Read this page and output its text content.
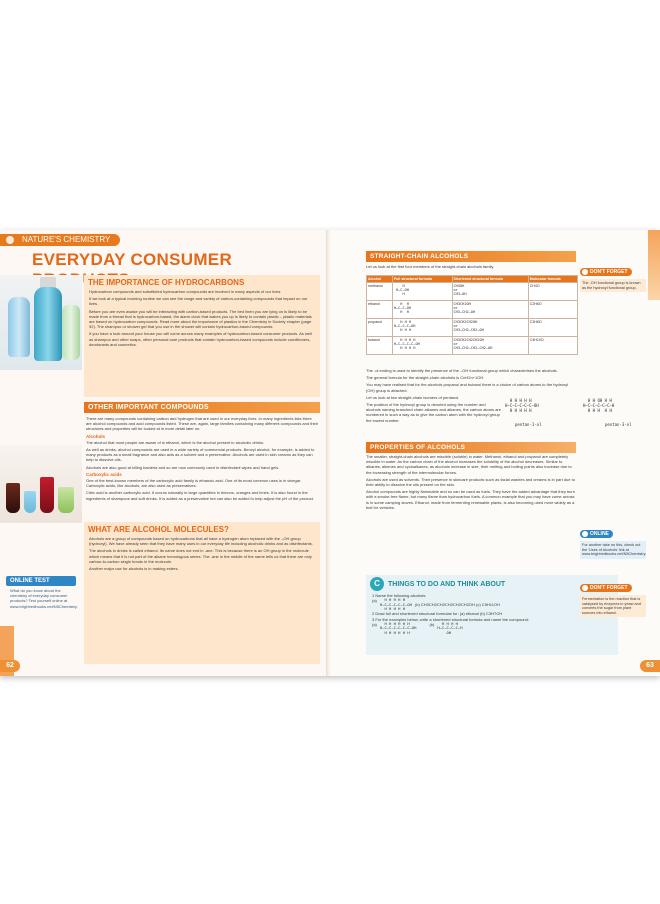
NATURE'S CHEMISTRY
EVERYDAY CONSUMER
THE IMPORTANCE OF HYDROCARBONS

Hydrocarbon compounds and substituted hydrocarbon compounds are involved in many aspects of our lives.

If we look at a typical morning routine we can see the range and variety of carbon-containing compounds that impact on our lives.

Before you are even awake you will be interacting with carbon-based products. The bed linen you are lying on is likely to be made from a thread that is hydrocarbon-based, the alarm clock that wakes you up is likely to contain plastic – plastic materials are based on hydrocarbon compounds. Read more about the importance of plastics in the Chemistry in Society chapter (page 92). The shampoo or shower gel that you use in the shower will contain hydrocarbon-based compounds.

If you have a look around your house you will come across many examples of hydrocarbon-based consumer products. As well as shampoo and other soaps, other personal care products that contain hydrocarbon-based compounds include conditioners, deodorants and cosmetics.

OTHER IMPORTANT COMPOUNDS

There are many compounds containing carbon and hydrogen that are used in our everyday lives. In many ingredients lists there are alcohol compounds and acid compounds listed. These are, again, large families containing many different compounds and their structures and properties will be looked at in more detail later on.

Alcohols

The alcohol that most people are aware of is ethanol, which is the alcohol present in alcoholic drinks.

As well as drinks, alcohol compounds are used in a wide variety of commercial products. Benzyl alcohol, for example, is added to many products as a small fragrance and also acts as a solvent and a preservative. Alcohols are used in skin creams as they can help to dissolve oils.

Alcohols are also good at killing bacteria and so are now commonly used in disinfectant wipes and hand gels.

Carboxylic acids

One of the best-known members of the carboxylic acid family is ethanoic acid. One of its most common uses is in vinegar. Carboxylic acids, like alcohols, are also used as preservatives.

Citric acid is another carboxylic acid. It occurs naturally in large quantities in lemons, oranges and limes. It is also found in the ingredients of shampoos and soft drinks. It is added as a preservative but can also be added to help adjust the pH of the product.

ONLINE TEST
What do you know about the chemistry of everyday consumer products? Test yourself online at www.brightredbooks.net/N5Chemistry.
WHAT ARE ALCOHOL MOLECULES?

Alcohols are a group of compounds based on hydrocarbons that all have a hydrogen atom replaced with the –OH group (hydroxyl). We have already seen that they have many uses in our everyday life including alcoholic drinks and as disinfectants.

The alcohols in drinks is called ethanol. Its name does not end in -ane. This is because there is an OH group in the molecule which means that it is not part of the alkane homologous series. The -ane in the middle of the name tells us that there are only carbon-to-carbon single bonds in the molecule.

Another major use for alcohols is in making esters.

62
STRAIGHT-CHAIN ALCOHOLS
Let us look at the first four members of the straight-chain alcohols family.
Alcohol	Full structural formula	Shortened structural formula	Molecular formula
methanol	H
H–C–OH
H	CH3OH
or
CH3–OH	CH4O
ethanol	H  H
H–C–C–OH
H  H	CH3CH2OH
or
CH3–CH2–OH	C2H6O
propanol	H H H
H–C–C–C–OH
H H H	CH3CH2CH2OH
or
CH3–CH2–CH2–OH	C3H8O
butanol	H H H H
H–C–C–C–C–OH
H H H H	CH3CH2CH2CH2OH
or
CH3–CH2–CH2–CH2–OH	C4H10O

The -ol ending is used to identify the presence of the –OH functional group which characterises the alcohols.

The general formula for the straight-chain alcohols is CnH2n+1OH.

You may have realised that for the alcohols propanol and butanol there is a choice of carbon atoms to the hydroxyl (OH) group is attached.

Let us look at two straight-chain isomers of pentanol.

The position of the hydroxyl group is denoted using the number and alcohols naming branched chain alkanes and alkanes, the carbon atoms are numbered in such a way as to give the carbon atom with the hydroxyl group the lowest number.

H H H H H
H–C–C–C–C–C–OH
H H H H H

pentan-1-ol

H H OH H H
H–C–C–C–C–C–H
H H H  H H

pentan-3-ol

PROPERTIES OF ALCOHOLS

The smaller, straight-chain alcohols are miscible (soluble) in water. Methanol, ethanol and propanol are completely miscible in water. As the carbon chain of the alcohol increases the solubility of the alcohol decreases. Similar to alkanes, alkenes and cycloalkanes, as alcohols increase in size, their melting and boiling points also increase due to the increasing strength of the intermolecular forces.

Alcohols are used as solvents. Their presence in skincare products such as facial washes and creams is in part due to their ability to dissolve the oils present on the skin.

Alcohol compounds are highly flammable and so can be used as fuels. They have the added advantage that they burn with a smoke-free flame, but many flame than hydrocarbon fuels. A common example that you may have come across is in some camping stoves. Ethanol, made from fermenting renewable plants, is also becoming used more widely as a fuel for vehicles.

C	THINGS TO DO AND THINK ABOUT
1 Name the following alcohols:
(a)	H H H H H
H–C–C–C–C–C–OH
H H H H H
(b) CH3CH2CH2CH2CH2CH2OH (c) C5H11OH
2 Draw full and shortened structural formulae for: (a) ethanol (b) C3H7OH
3 For the examples below, write a shortened structural formula and name the compound:
(a)	H H H H H H
H–C–C–C–C–C–C–OH
H H H H H H
(b)	H H H H
H–C–C–C–C–H
OH
DON'T FORGET
The -OH functional group is known as the hydroxyl functional group.
ONLINE
For another take on this, check out the 'Uses of Alcohols' link at www.brightredbooks.net/N5Chemistry.
DON'T FORGET
Fermentation is the reaction that is catalysed by enzymes in yeast and converts the sugar from plant sources into ethanol.
63
